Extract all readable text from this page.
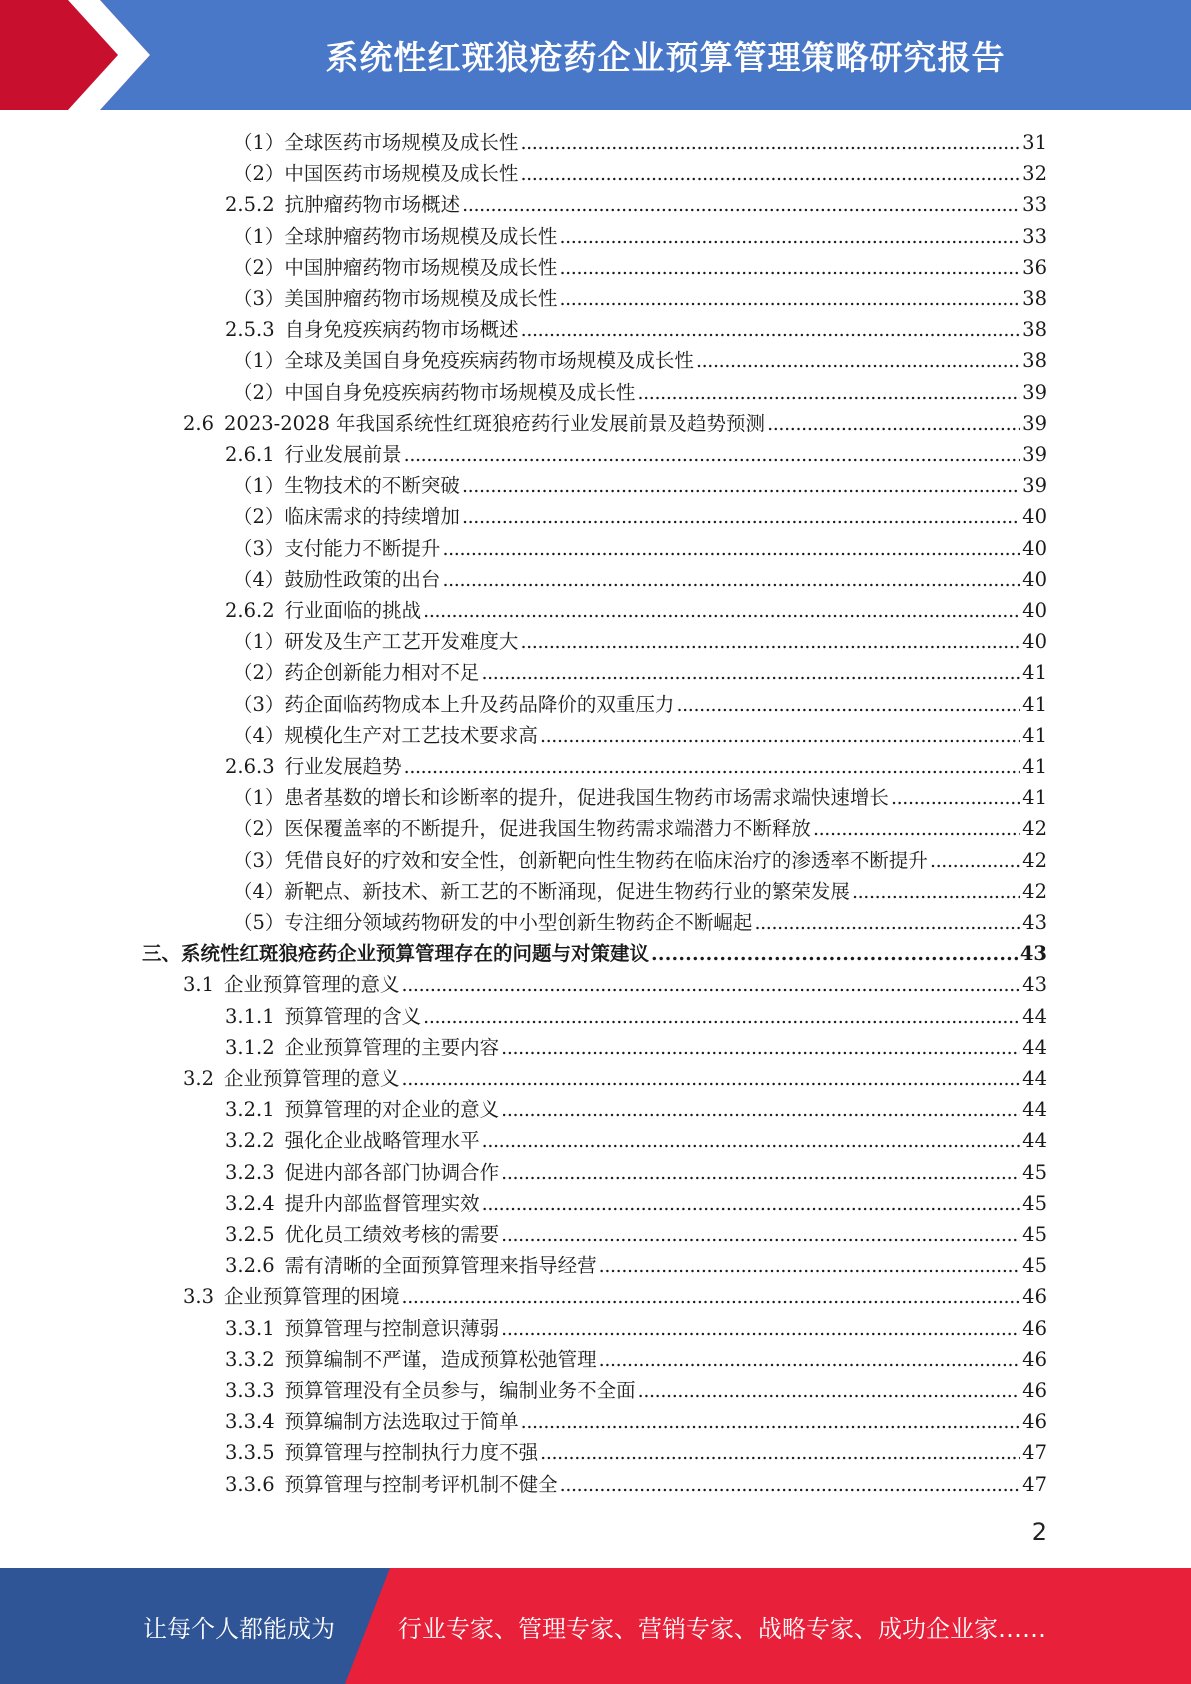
系统性红斑狼疮药企业预算管理策略研究报告
（1） 全球医药市场规模及成长性 . . .	31
（2） 中国医药市场规模及成长性 . . .	32
2.5.2 抗肿瘤药物市场概述 . . .	33
（1） 全球肿瘤药物市场规模及成长性 . . .	33
（2） 中国肿瘤药物市场规模及成长性 . . .	36
（3） 美国肿瘤药物市场规模及成长性 . . .	38
2.5.3 自身免疫疾病药物市场概述 . . .	38
（1） 全球及美国自身免疫疾病药物市场规模及成长性 . . .	38
（2） 中国自身免疫疾病药物市场规模及成长性 . . .	39
2.6 2023-2028 年我国系统性红斑狼疮药行业发展前景及趋势预测 . . .	39
2.6.1 行业发展前景 . . .	39
（1） 生物技术的不断突破 . . .	39
（2） 临床需求的持续增加 . . .	40
（3） 支付能力不断提升 . . .	40
（4） 鼓励性政策的出台 . . .	40
2.6.2 行业面临的挑战 . . .	40
（1） 研发及生产工艺开发难度大 . . .	40
（2） 药企创新能力相对不足 . . .	41
（3） 药企面临药物成本上升及药品降价的双重压力 . . .	41
（4） 规模化生产对工艺技术要求高 . . .	41
2.6.3 行业发展趋势 . . .	41
（1） 患者基数的增长和诊断率的提升，促进我国生物药市场需求端快速增长 . . .	41
（2） 医保覆盖率的不断提升，促进我国生物药需求端潜力不断释放 . . .	42
（3） 凭借良好的疗效和安全性，创新靶向性生物药在临床治疗的渗透率不断提升 . . .	42
（4） 新靶点、新技术、新工艺的不断涌现，促进生物药行业的繁荣发展 . . .	42
（5） 专注细分领域药物研发的中小型创新生物药企不断崛起 . . .	43
三、 系统性红斑狼疮药企业预算管理存在的问题与对策建议 . . .	43
3.1 企业预算管理的意义 . . .	43
3.1.1 预算管理的含义 . . .	44
3.1.2 企业预算管理的主要内容 . . .	44
3.2 企业预算管理的意义 . . .	44
3.2.1 预算管理的对企业的意义 . . .	44
3.2.2 强化企业战略管理水平 . . .	44
3.2.3 促进内部各部门协调合作 . . .	45
3.2.4 提升内部监督管理实效 . . .	45
3.2.5 优化员工绩效考核的需要 . . .	45
3.2.6 需有清晰的全面预算管理来指导经营 . . .	45
3.3 企业预算管理的困境 . . .	46
3.3.1 预算管理与控制意识薄弱 . . .	46
3.3.2 预算编制不严谨，造成预算松弛管理 . . .	46
3.3.3 预算管理没有全员参与，编制业务不全面 . . .	46
3.3.4 预算编制方法选取过于简单 . . .	46
3.3.5 预算管理与控制执行力度不强 . . .	47
3.3.6 预算管理与控制考评机制不健全 . . .	47
2
让每个人都能成为	行业专家、管理专家、营销专家、战略专家、成功企业家……
